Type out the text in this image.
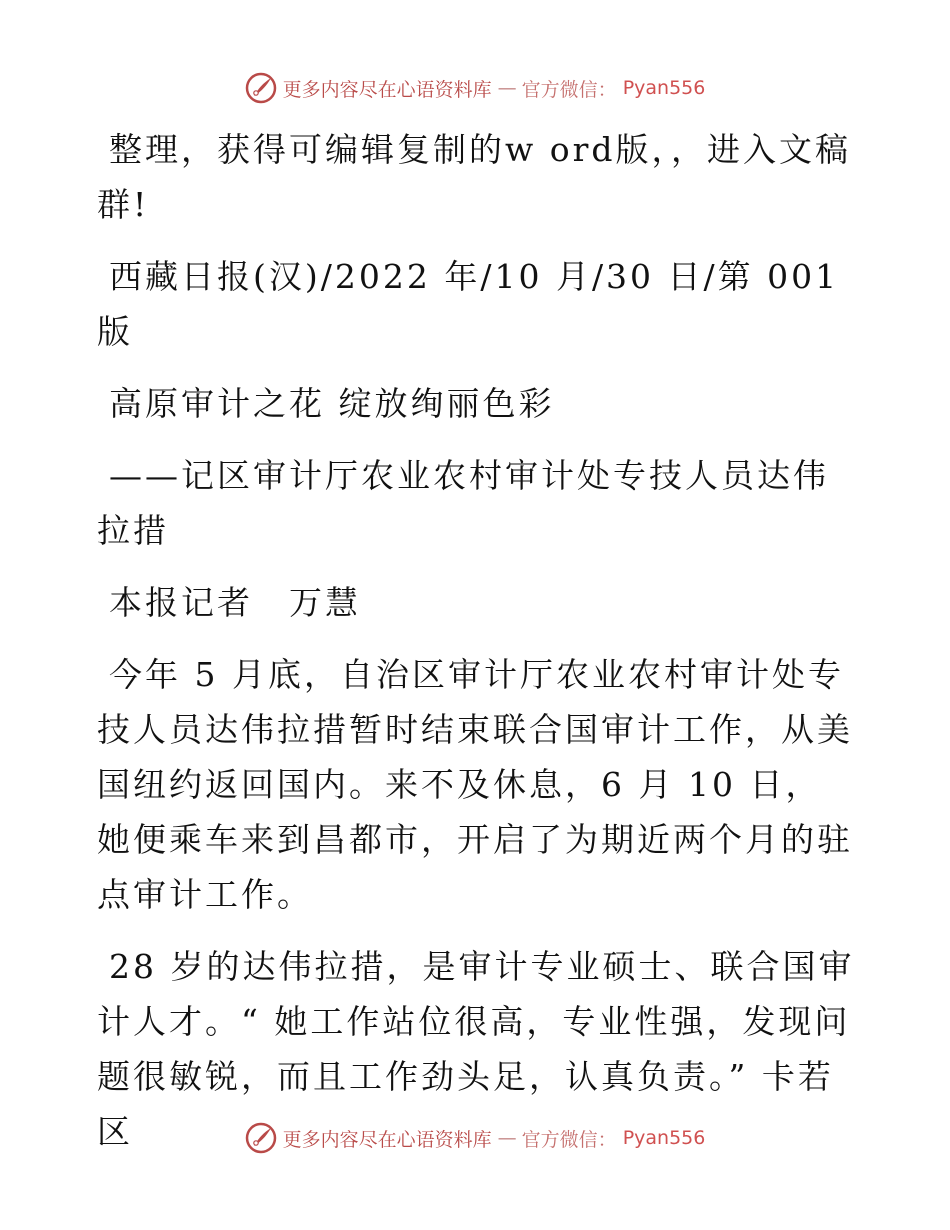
更多内容尽在心语资料库 — 官方微信： Pyan556

整理，获得可编辑复制的w ord版，，进入文稿群!

西藏日报(汉)/2022 年/10 月/30 日/第 001 版

高原审计之花 绽放绚丽色彩

——记区审计厅农业农村审计处专技人员达伟拉措

本报记者　万慧

今年 5 月底，自治区审计厅农业农村审计处专技人员达伟拉措暂时结束联合国审计工作，从美国纽约返回国内。来不及休息，6 月 10 日，她便乘车来到昌都市，开启了为期近两个月的驻点审计工作。

28 岁的达伟拉措，是审计专业硕士、联合国审计人才。“ 她工作站位很高，专业性强，发现问题很敏锐，而且工作劲头足，认真负责。” 卡若区	更多内容尽在心语资料库 — 官方微信： Pyan556
